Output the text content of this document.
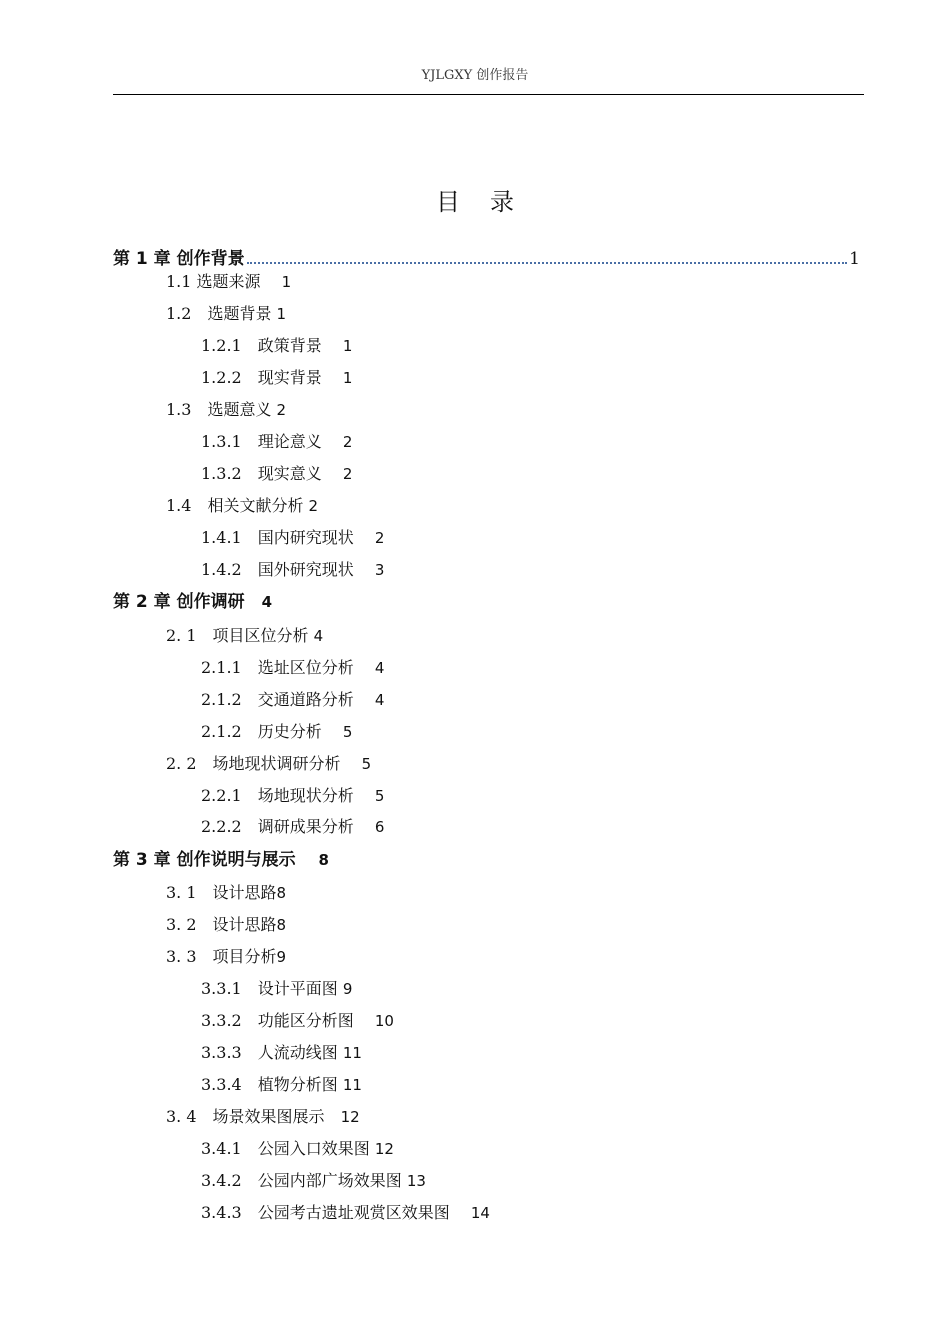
YJLGXY 创作报告
目录
第 1 章 创作背景	1
1.1 选题来源　 1
1.2　选题背景 1
1.2.1　政策背景　 1
1.2.2　现实背景　 1
1.3　选题意义 2
1.3.1　理论意义　 2
1.3.2　现实意义　 2
1.4　相关文献分析 2
1.4.1　国内研究现状　 2
1.4.2　国外研究现状　 3
第 2 章 创作调研　 4
2. 1　项目区位分析 4
2.1.1　选址区位分析　 4
2.1.2　交通道路分析　 4
2.1.2　历史分析　 5
2. 2　场地现状调研分析　 5
2.2.1　场地现状分析　 5
2.2.2　调研成果分析　 6
第 3 章 创作说明与展示　 8
3. 1　设计思路8
3. 2　设计思路8
3. 3　项目分析9
3.3.1　设计平面图 9
3.3.2　功能区分析图　 10
3.3.3　人流动线图 11
3.3.4　植物分析图 11
3. 4　场景效果图展示　 12
3.4.1　公园入口效果图 12
3.4.2　公园内部广场效果图 13
3.4.3　公园考古遗址观赏区效果图　 14
